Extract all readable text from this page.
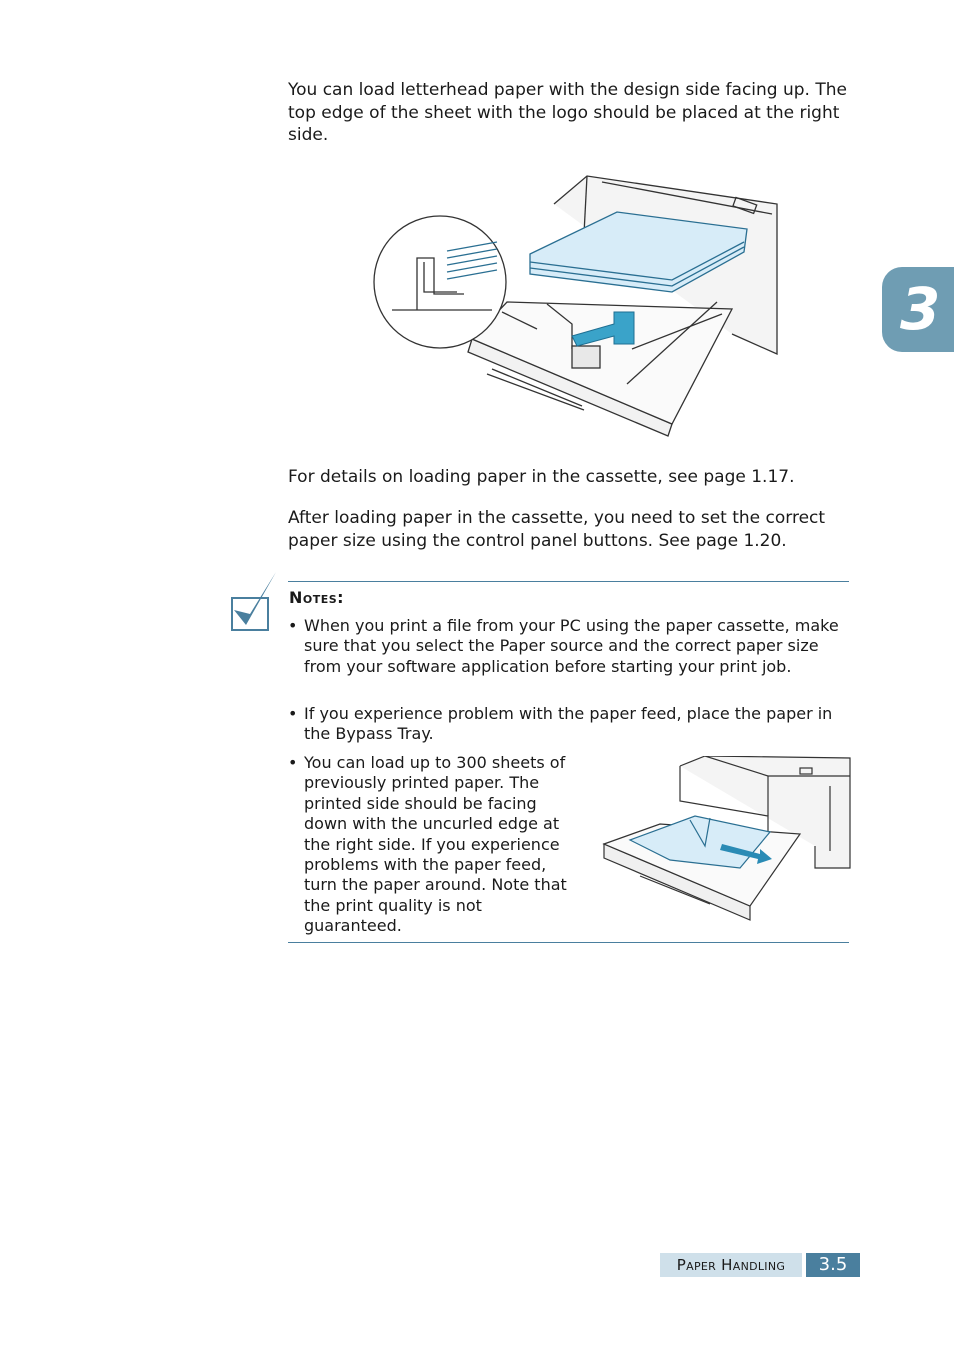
You can load letterhead paper with the design side facing up. The top edge of the sheet with the logo should be placed at the right side.

3

For details on loading paper in the cassette, see page 1.17.

After loading paper in the cassette, you need to set the correct paper size using the control panel buttons. See page 1.20.

Notes:
• When you print a file from your PC using the paper cassette, make sure that you select the Paper source and the correct paper size from your software application before starting your print job.
• If you experience problem with the paper feed, place the paper in the Bypass Tray.
• You can load up to 300 sheets of previously printed paper. The printed side should be facing down with the uncurled edge at the right side. If you experience problems with the paper feed, turn the paper around. Note that the print quality is not guaranteed.
Paper Handling	3.5
